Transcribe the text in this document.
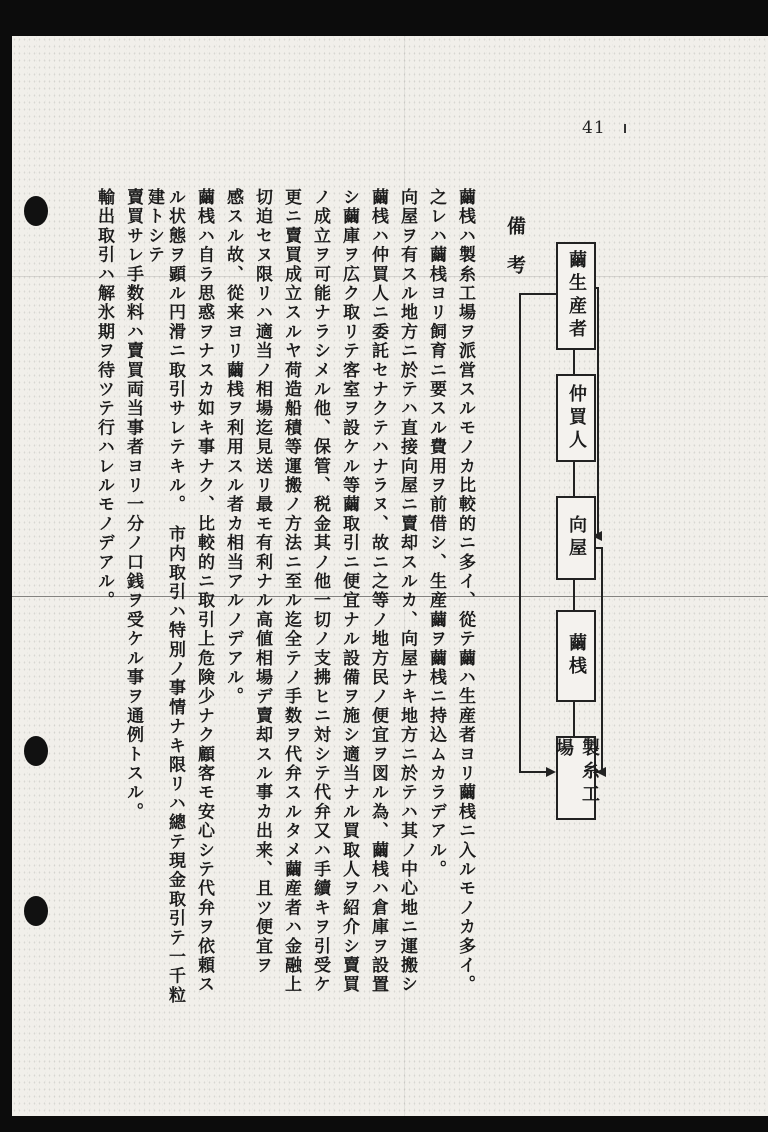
41
備考
繭桟ハ製糸工場ヲ派営スルモノカ比較的ニ多イ、從テ繭ハ生産者ヨリ繭桟ニ入ルモノカ多イ。
之レハ繭桟ヨリ飼育ニ要スル費用ヲ前借シ、生産繭ヲ繭桟ニ持込ムカラデアル。
向屋ヲ有スル地方ニ於テハ直接向屋ニ賣却スルカ、向屋ナキ地方ニ於テハ其ノ中心地ニ運搬シ
繭桟ハ仲買人ニ委託セナクテハナラヌ、故ニ之等ノ地方民ノ便宜ヲ図ル為、繭桟ハ倉庫ヲ設置
シ繭庫ヲ広ク取リテ客室ヲ設ケル等繭取引ニ便宜ナル設備ヲ施シ適当ナル買取人ヲ紹介シ賣買
ノ成立ヲ可能ナラシメル他、保管、税金其ノ他一切ノ支拂ヒニ対シテ代弁又ハ手續キヲ引受ケ
更ニ賣買成立スルヤ荷造船積等運搬ノ方法ニ至ル迄全テノ手数ヲ代弁スルタメ繭産者ハ金融上
切迫セヌ限リハ適当ノ相場迄見送リ最モ有利ナル高値相場デ賣却スル事カ出来、且ツ便宜ヲ
感スル故、從来ヨリ繭桟ヲ利用スル者カ相当アルノデアル。
繭桟ハ自ラ思惑ヲナスカ如キ事ナク、比較的ニ取引上危険少ナク顧客モ安心シテ代弁ヲ依頼ス
ル状態ヲ顕ル円滑ニ取引サレテキル。　市内取引ハ特別ノ事情ナキ限リハ總テ現金取引テ一千粒
建トシテ
賣買サレ手数料ハ賣買両当事者ヨリ一分ノ口銭ヲ受ケル事ヲ通例トスル。
輸出取引ハ解氷期ヲ待ツテ行ハレルモノデアル。	繭生産者
仲買人
向屋
繭桟
製糸工場
